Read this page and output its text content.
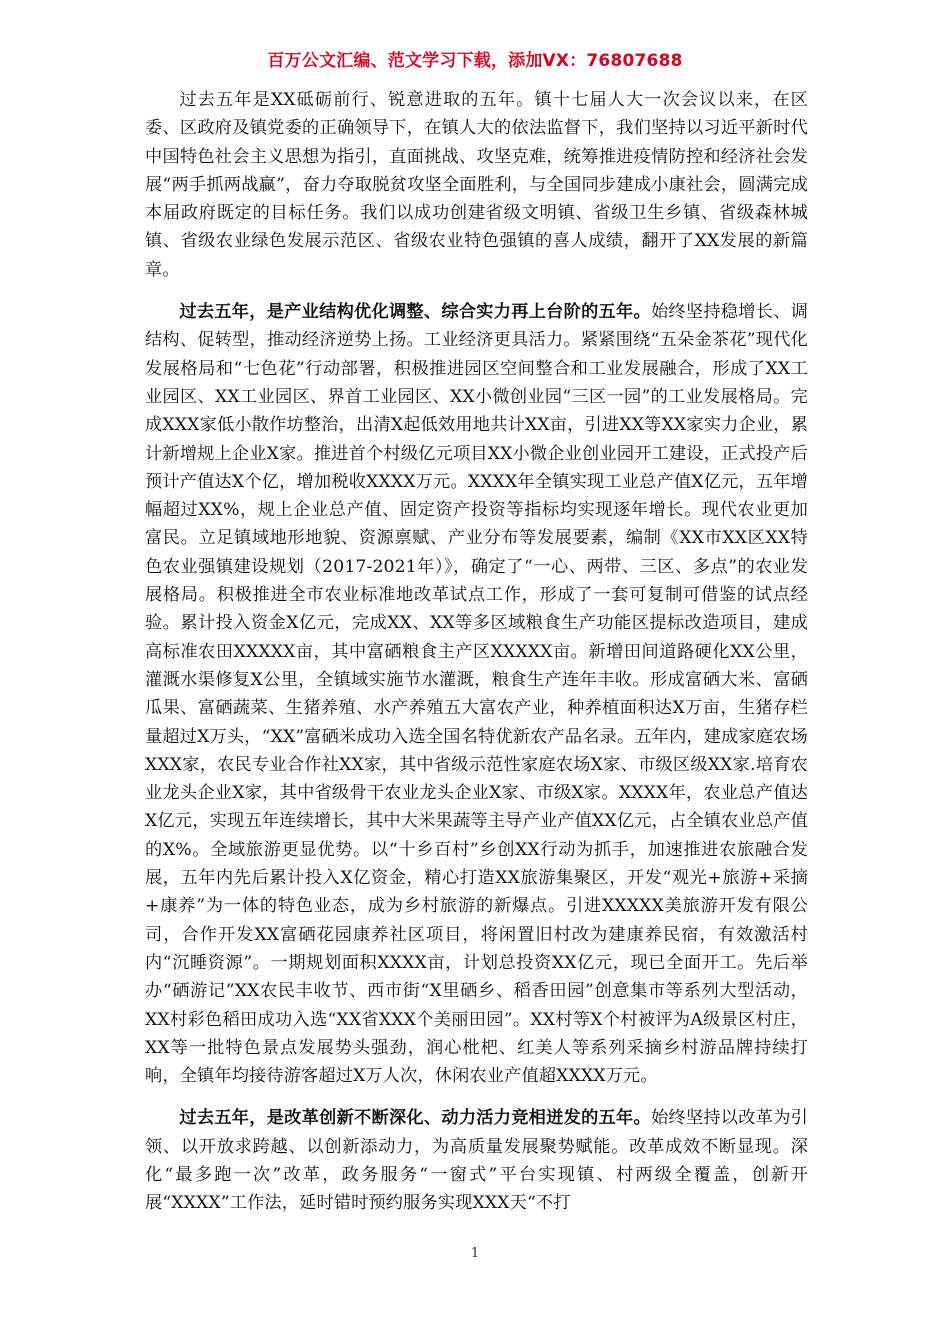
百万公文汇编、范文学习下载，添加VX：76807688

过去五年是XX砥砺前行、锐意进取的五年。镇十七届人大一次会议以来，在区委、区政府及镇党委的正确领导下，在镇人大的依法监督下，我们坚持以习近平新时代中国特色社会主义思想为指引，直面挑战、攻坚克难，统筹推进疫情防控和经济社会发展“两手抓两战赢”，奋力夺取脱贫攻坚全面胜利，与全国同步建成小康社会，圆满完成本届政府既定的目标任务。我们以成功创建省级文明镇、省级卫生乡镇、省级森林城镇、省级农业绿色发展示范区、省级农业特色强镇的喜人成绩，翻开了XX发展的新篇章。

过去五年，是产业结构优化调整、综合实力再上台阶的五年。始终坚持稳增长、调结构、促转型，推动经济逆势上扬。工业经济更具活力。紧紧围绕“五朵金茶花”现代化发展格局和“七色花”行动部署，积极推进园区空间整合和工业发展融合，形成了XX工业园区、XX工业园区、界首工业园区、XX小微创业园“三区一园”的工业发展格局。完成XXX家低小散作坊整治，出清X起低效用地共计XX亩，引进XX等XX家实力企业，累计新增规上企业X家。推进首个村级亿元项目XX小微企业创业园开工建设，正式投产后预计产值达X个亿，增加税收XXXX万元。XXXX年全镇实现工业总产值X亿元，五年增幅超过XX%，规上企业总产值、固定资产投资等指标均实现逐年增长。现代农业更加富民。立足镇域地形地貌、资源禀赋、产业分布等发展要素，编制《XX市XX区XX特色农业强镇建设规划（2017-2021年）》，确定了“一心、两带、三区、多点”的农业发展格局。积极推进全市农业标准地改革试点工作，形成了一套可复制可借鉴的试点经验。累计投入资金X亿元，完成XX、XX等多区域粮食生产功能区提标改造项目，建成高标准农田XXXXX亩，其中富硒粮食主产区XXXXX亩。新增田间道路硬化XX公里，灌溉水渠修复X公里，全镇域实施节水灌溉，粮食生产连年丰收。形成富硒大米、富硒瓜果、富硒蔬菜、生猪养殖、水产养殖五大富农产业，种养植面积达X万亩，生猪存栏量超过X万头，“XX”富硒米成功入选全国名特优新农产品名录。五年内，建成家庭农场XXX家，农民专业合作社XX家，其中省级示范性家庭农场X家、市级区级XX家.培育农业龙头企业X家，其中省级骨干农业龙头企业X家、市级X家。XXXX年，农业总产值达X亿元，实现五年连续增长，其中大米果蔬等主导产业产值XX亿元，占全镇农业总产值的X%。全域旅游更显优势。以“十乡百村”乡创XX行动为抓手，加速推进农旅融合发展，五年内先后累计投入X亿资金，精心打造XX旅游集聚区，开发“观光+旅游+采摘+康养”为一体的特色业态，成为乡村旅游的新爆点。引进XXXXX美旅游开发有限公司，合作开发XX富硒花园康养社区项目，将闲置旧村改为建康养民宿，有效激活村内“沉睡资源”。一期规划面积XXXX亩，计划总投资XX亿元，现已全面开工。先后举办“硒游记”XX农民丰收节、西市街“X里硒乡、稻香田园”创意集市等系列大型活动，XX村彩色稻田成功入选“XX省XXX个美丽田园”。XX村等X个村被评为A级景区村庄，XX等一批特色景点发展势头强劲，润心枇杷、红美人等系列采摘乡村游品牌持续打响，全镇年均接待游客超过X万人次，休闲农业产值超XXXX万元。

过去五年，是改革创新不断深化、动力活力竞相迸发的五年。始终坚持以改革为引领、以开放求跨越、以创新添动力，为高质量发展聚势赋能。改革成效不断显现。深化“最多跑一次”改革，政务服务“一窗式”平台实现镇、村两级全覆盖，创新开展“XXXX”工作法，延时错时预约服务实现XXX天“不打

1
